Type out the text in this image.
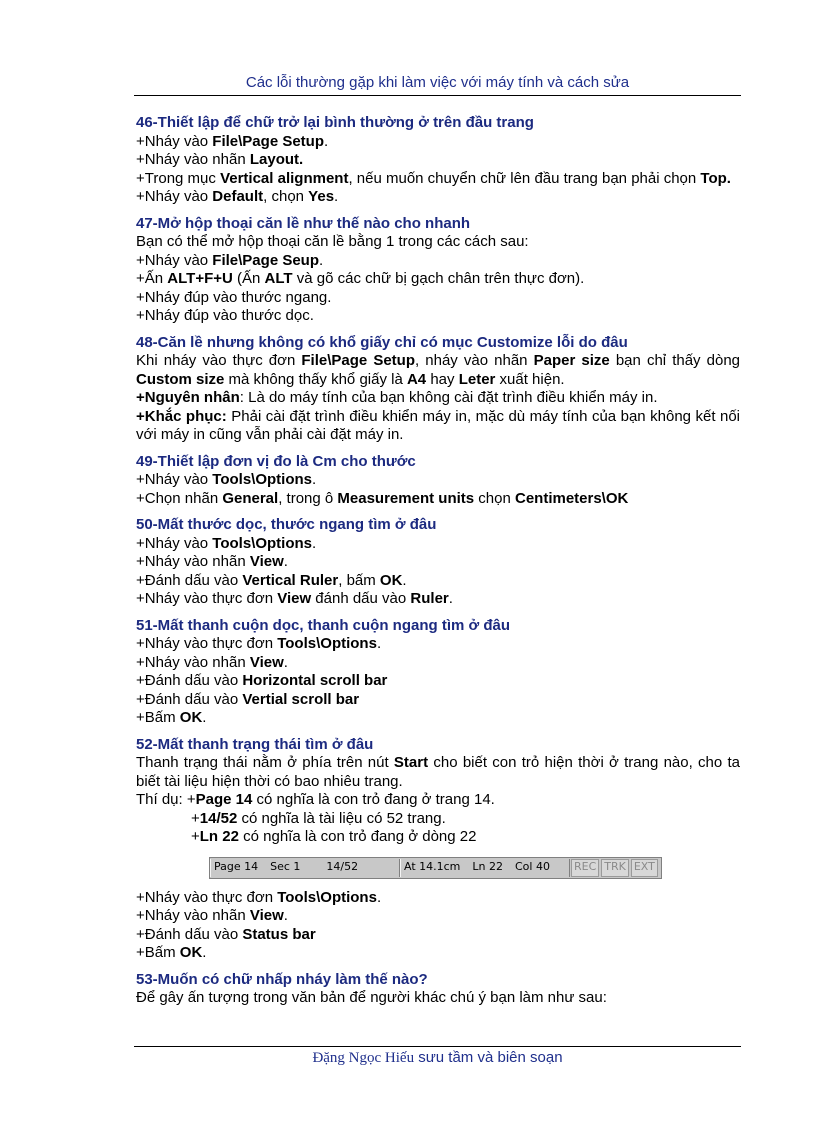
Các lỗi thường gặp khi làm việc với máy tính và cách sửa
46-Thiết lập để chữ trở lại bình thường ở trên đầu trang
+Nháy vào File\Page Setup.
+Nháy vào nhãn Layout.
+Trong mục Vertical alignment, nếu muốn chuyển chữ lên đầu trang bạn phải chọn Top.
+Nháy vào Default, chọn Yes.
47-Mở hộp thoại căn lề như thế nào cho nhanh
Bạn có thể mở hộp thoại căn lề bằng 1 trong các cách sau:
+Nháy vào File\Page Seup.
+Ấn ALT+F+U (Ấn ALT và gõ các chữ bị gạch chân trên thực đơn).
+Nháy đúp vào thước ngang.
+Nháy đúp vào thước dọc.
48-Căn lề nhưng không có khổ giấy chỉ có mục Customize lỗi do đâu
Khi nháy vào thực đơn File\Page Setup, nháy vào nhãn Paper size bạn chỉ thấy dòng Custom size mà không thấy khổ giấy là A4 hay Leter xuất hiện.
+Nguyên nhân: Là do máy tính của bạn không cài đặt trình điều khiển máy in.
+Khắc phục: Phải cài đặt trình điều khiển máy in, mặc dù máy tính của bạn không kết nối với máy in cũng vẫn phải cài đặt máy in.
49-Thiết lập đơn vị đo là Cm cho thước
+Nháy vào Tools\Options.
+Chọn nhãn General, trong ô Measurement units chọn Centimeters\OK
50-Mất thước dọc, thước ngang tìm ở đâu
+Nháy vào Tools\Options.
+Nháy vào nhãn View.
+Đánh dấu vào Vertical Ruler, bấm OK.
+Nháy vào thực đơn View đánh dấu vào Ruler.
51-Mất thanh cuộn dọc, thanh cuộn ngang tìm ở đâu
+Nháy vào thực đơn Tools\Options.
+Nháy vào nhãn View.
+Đánh dấu vào Horizontal scroll bar
+Đánh dấu vào Vertial scroll bar
+Bấm OK.
52-Mất thanh trạng thái tìm ở đâu
Thanh trạng thái nằm ở phía trên nút Start cho biết con trỏ hiện thời ở trang nào, cho ta biết tài liệu hiện thời có bao nhiêu trang.
Thí dụ: +Page 14 có nghĩa là con trỏ đang ở trang 14.
+14/52 có nghĩa là tài liệu có 52 trang.
+Ln 22 có nghĩa là con trỏ đang ở dòng 22
Page 14 Sec 1 14/52	At 14.1cm Ln 22 Col 40 REC TRK EXT
+Nháy vào thực đơn Tools\Options.
+Nháy vào nhãn View.
+Đánh dấu vào Status bar
+Bấm OK.
53-Muốn có chữ nhấp nháy làm thế nào?
Để gây ấn tượng trong văn bản để người khác chú ý bạn làm như sau:
Đặng Ngọc Hiếu sưu tầm và biên soạn
